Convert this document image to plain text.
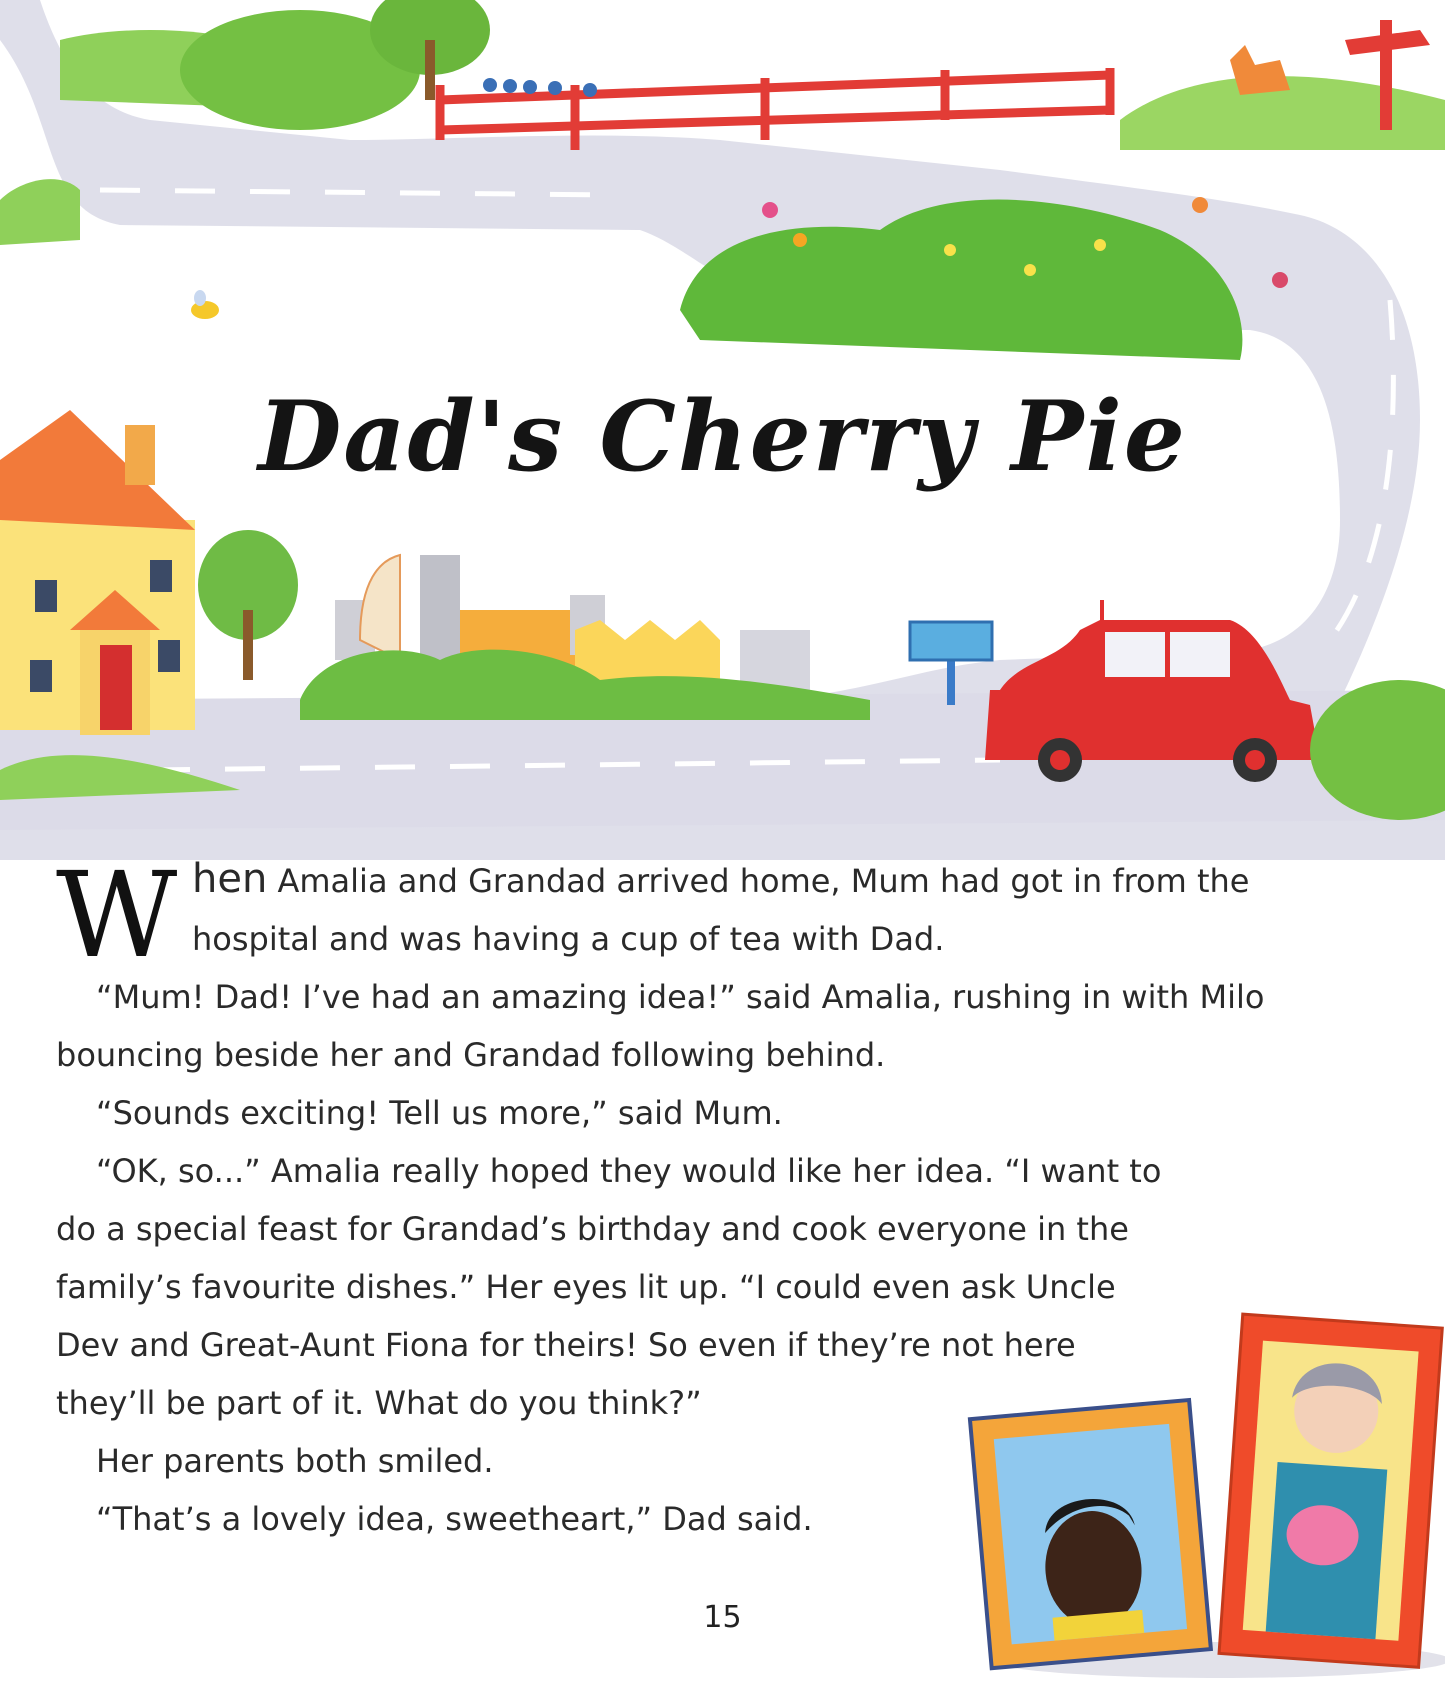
Dad's Cherry Pie

W hen Amalia and Grandad arrived home, Mum had got in from the hospital and was having a cup of tea with Dad.

“Mum! Dad! I’ve had an amazing idea!” said Amalia, rushing in with Milo bouncing beside her and Grandad following behind.

“Sounds exciting! Tell us more,” said Mum.

“OK, so...” Amalia really hoped they would like her idea. “I want to do a special feast for Grandad’s birthday and cook everyone in the family’s favourite dishes.” Her eyes lit up. “I could even ask Uncle Dev and Great-Aunt Fiona for theirs! So even if they’re not here they’ll be part of it. What do you think?”

Her parents both smiled.

“That’s a lovely idea, sweetheart,” Dad said.

15
